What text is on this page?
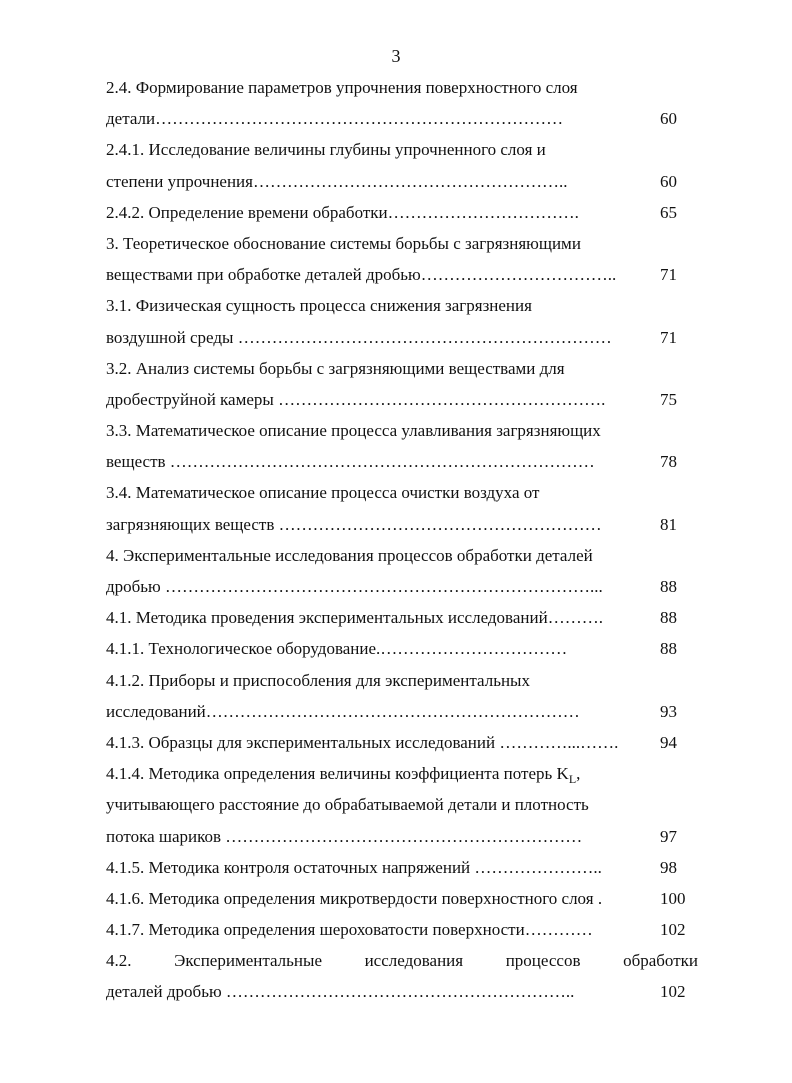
3
2.4. Формирование параметров упрочнения поверхностного слоя
детали………………………………………………………………	60
2.4.1. Исследование величины глубины упрочненного слоя и
степени упрочнения………………………………………………..	60
2.4.2. Определение времени обработки…………………………….	65
3. Теоретическое обоснование системы борьбы с загрязняющими
веществами при обработке деталей дробью……………………………..	71
3.1. Физическая сущность процесса снижения загрязнения
воздушной среды …………………………………………………………	71
3.2. Анализ системы борьбы с загрязняющими веществами для
дробеструйной камеры ………………………………………………….	75
3.3. Математическое описание процесса улавливания загрязняющих
веществ …………………………………………………………………	78
3.4. Математическое описание процесса очистки воздуха от
загрязняющих веществ …………………………………………………	81
4. Экспериментальные исследования процессов обработки деталей
дробью …………………………………………………………………...	88
4.1. Методика проведения экспериментальных исследований……….	88
4.1.1. Технологическое оборудование.……………………………	88
4.1.2. Приборы и приспособления для экспериментальных
исследований…………………………………………………………	93
4.1.3. Образцы для экспериментальных исследований …………...……. 94
4.1.4. Методика определения величины коэффициента потерь $K_L$,
учитывающего расстояние до обрабатываемой детали и плотность
потока шариков ………………………………………………………	97
4.1.5. Методика контроля остаточных напряжений …………………..	98
4.1.6. Методика определения микротвердости поверхностного слоя .	100
4.1.7. Методика определения шероховатости поверхности…………	102
4.2. Экспериментальные исследования процессов обработки
деталей дробью ……………………………………………………..	102
